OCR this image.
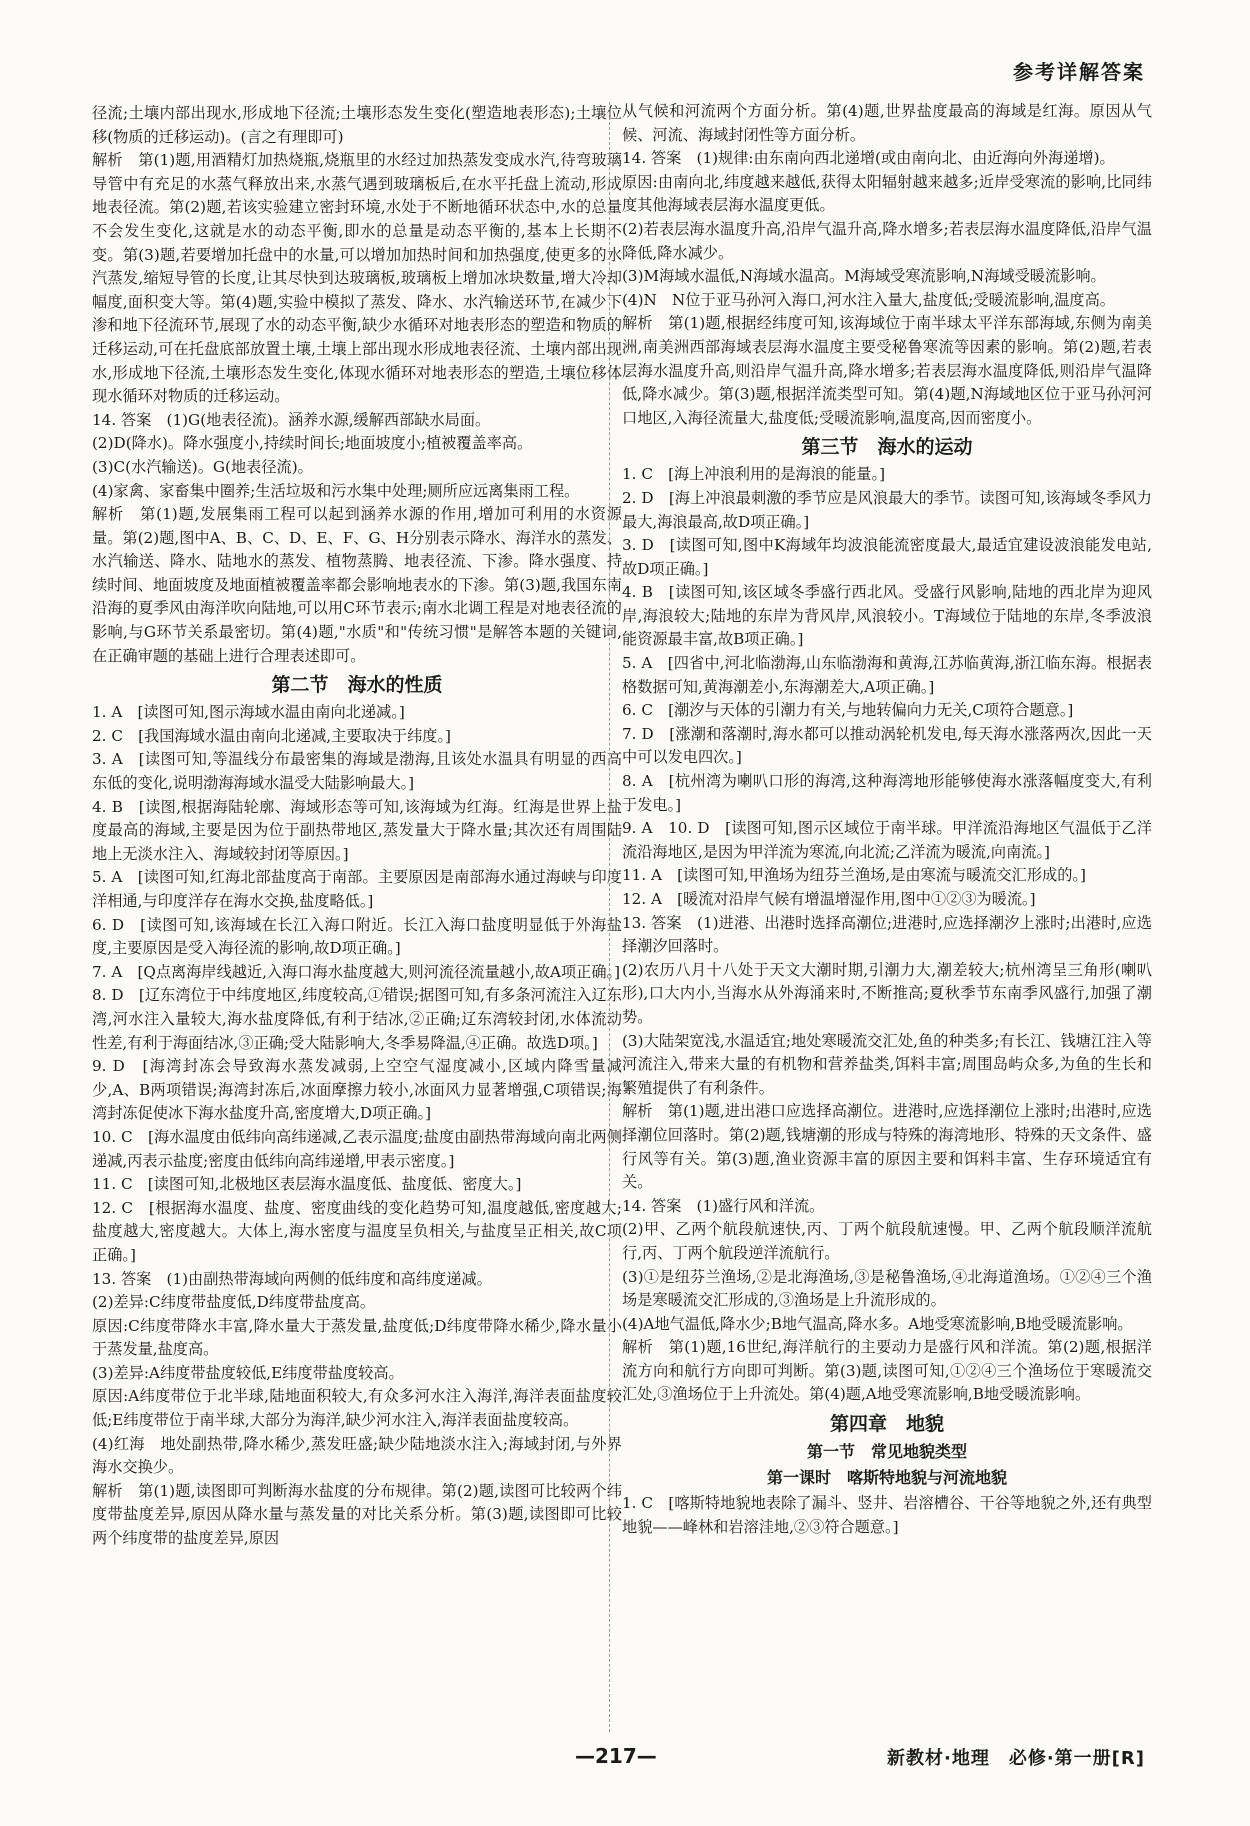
参考详解答案
径流;土壤内部出现水,形成地下径流;土壤形态发生变化(塑造地表形态);土壤位移(物质的迁移运动)。(言之有理即可)
解析　第(1)题,用酒精灯加热烧瓶,烧瓶里的水经过加热蒸发变成水汽,待弯玻璃导管中有充足的水蒸气释放出来,水蒸气遇到玻璃板后,在水平托盘上流动,形成地表径流。第(2)题,若该实验建立密封环境,水处于不断地循环状态中,水的总量不会发生变化,这就是水的动态平衡,即水的总量是动态平衡的,基本上长期不变。第(3)题,若要增加托盘中的水量,可以增加加热时间和加热强度,使更多的水汽蒸发,缩短导管的长度,让其尽快到达玻璃板,玻璃板上增加冰块数量,增大冷却幅度,面积变大等。第(4)题,实验中模拟了蒸发、降水、水汽输送环节,在减少下渗和地下径流环节,展现了水的动态平衡,缺少水循环对地表形态的塑造和物质的迁移运动,可在托盘底部放置土壤,土壤上部出现水形成地表径流、土壤内部出现水,形成地下径流,土壤形态发生变化,体现水循环对地表形态的塑造,土壤位移体现水循环对物质的迁移运动。
14. 答案　(1)G(地表径流)。涵养水源,缓解西部缺水局面。
(2)D(降水)。降水强度小,持续时间长;地面坡度小;植被覆盖率高。
(3)C(水汽输送)。G(地表径流)。
(4)家禽、家畜集中圈养;生活垃圾和污水集中处理;厕所应远离集雨工程。
解析　第(1)题,发展集雨工程可以起到涵养水源的作用,增加可利用的水资源量。第(2)题,图中A、B、C、D、E、F、G、H分别表示降水、海洋水的蒸发、水汽输送、降水、陆地水的蒸发、植物蒸腾、地表径流、下渗。降水强度、持续时间、地面坡度及地面植被覆盖率都会影响地表水的下渗。第(3)题,我国东南沿海的夏季风由海洋吹向陆地,可以用C环节表示;南水北调工程是对地表径流的影响,与G环节关系最密切。第(4)题,"水质"和"传统习惯"是解答本题的关键词,在正确审题的基础上进行合理表述即可。
第二节　海水的性质
1. A　[读图可知,图示海域水温由南向北递减。]
2. C　[我国海域水温由南向北递减,主要取决于纬度。]
3. A　[读图可知,等温线分布最密集的海域是渤海,且该处水温具有明显的西高东低的变化,说明渤海海域水温受大陆影响最大。]
4. B　[读图,根据海陆轮廓、海域形态等可知,该海域为红海。红海是世界上盐度最高的海域,主要是因为位于副热带地区,蒸发量大于降水量;其次还有周围陆地上无淡水注入、海域较封闭等原因。]
5. A　[读图可知,红海北部盐度高于南部。主要原因是南部海水通过海峡与印度洋相通,与印度洋存在海水交换,盐度略低。]
6. D　[读图可知,该海域在长江入海口附近。长江入海口盐度明显低于外海盐度,主要原因是受入海径流的影响,故D项正确。]
7. A　[Q点离海岸线越近,入海口海水盐度越大,则河流径流量越小,故A项正确。]
8. D　[辽东湾位于中纬度地区,纬度较高,①错误;据图可知,有多条河流注入辽东湾,河水注入量较大,海水盐度降低,有利于结冰,②正确;辽东湾较封闭,水体流动性差,有利于海面结冰,③正确;受大陆影响大,冬季易降温,④正确。故选D项。]
9. D　[海湾封冻会导致海水蒸发减弱,上空空气湿度减小,区域内降雪量减少,A、B两项错误;海湾封冻后,冰面摩擦力较小,冰面风力显著增强,C项错误;海湾封冻促使冰下海水盐度升高,密度增大,D项正确。]
10. C　[海水温度由低纬向高纬递减,乙表示温度;盐度由副热带海域向南北两侧递减,丙表示盐度;密度由低纬向高纬递增,甲表示密度。]
11. C　[读图可知,北极地区表层海水温度低、盐度低、密度大。]
12. C　[根据海水温度、盐度、密度曲线的变化趋势可知,温度越低,密度越大;盐度越大,密度越大。大体上,海水密度与温度呈负相关,与盐度呈正相关,故C项正确。]
13. 答案　(1)由副热带海域向两侧的低纬度和高纬度递减。
(2)差异:C纬度带盐度低,D纬度带盐度高。
原因:C纬度带降水丰富,降水量大于蒸发量,盐度低;D纬度带降水稀少,降水量小于蒸发量,盐度高。
(3)差异:A纬度带盐度较低,E纬度带盐度较高。
原因:A纬度带位于北半球,陆地面积较大,有众多河水注入海洋,海洋表面盐度较低;E纬度带位于南半球,大部分为海洋,缺少河水注入,海洋表面盐度较高。
(4)红海　地处副热带,降水稀少,蒸发旺盛;缺少陆地淡水注入;海域封闭,与外界海水交换少。
解析　第(1)题,读图即可判断海水盐度的分布规律。第(2)题,读图可比较两个纬度带盐度差异,原因从降水量与蒸发量的对比关系分析。第(3)题,读图即可比较两个纬度带的盐度差异,原因
从气候和河流两个方面分析。第(4)题,世界盐度最高的海域是红海。原因从气候、河流、海域封闭性等方面分析。
14. 答案　(1)规律:由东南向西北递增(或由南向北、由近海向外海递增)。
原因:由南向北,纬度越来越低,获得太阳辐射越来越多;近岸受寒流的影响,比同纬度其他海域表层海水温度更低。
(2)若表层海水温度升高,沿岸气温升高,降水增多;若表层海水温度降低,沿岸气温降低,降水减少。
(3)M海域水温低,N海域水温高。M海域受寒流影响,N海域受暖流影响。
(4)N　N位于亚马孙河入海口,河水注入量大,盐度低;受暖流影响,温度高。
解析　第(1)题,根据经纬度可知,该海域位于南半球太平洋东部海域,东侧为南美洲,南美洲西部海域表层海水温度主要受秘鲁寒流等因素的影响。第(2)题,若表层海水温度升高,则沿岸气温升高,降水增多;若表层海水温度降低,则沿岸气温降低,降水减少。第(3)题,根据洋流类型可知。第(4)题,N海域地区位于亚马孙河河口地区,入海径流量大,盐度低;受暖流影响,温度高,因而密度小。
第三节　海水的运动
1. C　[海上冲浪利用的是海浪的能量。]
2. D　[海上冲浪最刺激的季节应是风浪最大的季节。读图可知,该海域冬季风力最大,海浪最高,故D项正确。]
3. D　[读图可知,图中K海域年均波浪能流密度最大,最适宜建设波浪能发电站,故D项正确。]
4. B　[读图可知,该区域冬季盛行西北风。受盛行风影响,陆地的西北岸为迎风岸,海浪较大;陆地的东岸为背风岸,风浪较小。T海域位于陆地的东岸,冬季波浪能资源最丰富,故B项正确。]
5. A　[四省中,河北临渤海,山东临渤海和黄海,江苏临黄海,浙江临东海。根据表格数据可知,黄海潮差小,东海潮差大,A项正确。]
6. C　[潮汐与天体的引潮力有关,与地转偏向力无关,C项符合题意。]
7. D　[涨潮和落潮时,海水都可以推动涡轮机发电,每天海水涨落两次,因此一天中可以发电四次。]
8. A　[杭州湾为喇叭口形的海湾,这种海湾地形能够使海水涨落幅度变大,有利于发电。]
9. A　10. D　[读图可知,图示区域位于南半球。甲洋流沿海地区气温低于乙洋流沿海地区,是因为甲洋流为寒流,向北流;乙洋流为暖流,向南流。]
11. A　[读图可知,甲渔场为纽芬兰渔场,是由寒流与暖流交汇形成的。]
12. A　[暖流对沿岸气候有增温增湿作用,图中①②③为暖流。]
13. 答案　(1)进港、出港时选择高潮位;进港时,应选择潮汐上涨时;出港时,应选择潮汐回落时。
(2)农历八月十八处于天文大潮时期,引潮力大,潮差较大;杭州湾呈三角形(喇叭形),口大内小,当海水从外海涌来时,不断推高;夏秋季节东南季风盛行,加强了潮势。
(3)大陆架宽浅,水温适宜;地处寒暖流交汇处,鱼的种类多;有长江、钱塘江注入等河流注入,带来大量的有机物和营养盐类,饵料丰富;周围岛屿众多,为鱼的生长和繁殖提供了有利条件。
解析　第(1)题,进出港口应选择高潮位。进港时,应选择潮位上涨时;出港时,应选择潮位回落时。第(2)题,钱塘潮的形成与特殊的海湾地形、特殊的天文条件、盛行风等有关。第(3)题,渔业资源丰富的原因主要和饵料丰富、生存环境适宜有关。
14. 答案　(1)盛行风和洋流。
(2)甲、乙两个航段航速快,丙、丁两个航段航速慢。甲、乙两个航段顺洋流航行,丙、丁两个航段逆洋流航行。
(3)①是纽芬兰渔场,②是北海渔场,③是秘鲁渔场,④北海道渔场。①②④三个渔场是寒暖流交汇形成的,③渔场是上升流形成的。
(4)A地气温低,降水少;B地气温高,降水多。A地受寒流影响,B地受暖流影响。
解析　第(1)题,16世纪,海洋航行的主要动力是盛行风和洋流。第(2)题,根据洋流方向和航行方向即可判断。第(3)题,读图可知,①②④三个渔场位于寒暖流交汇处,③渔场位于上升流处。第(4)题,A地受寒流影响,B地受暖流影响。
第四章　地貌
第一节　常见地貌类型
第一课时　喀斯特地貌与河流地貌
1. C　[喀斯特地貌地表除了漏斗、竖井、岩溶槽谷、干谷等地貌之外,还有典型地貌——峰林和岩溶洼地,②③符合题意。]
—217—	新教材·地理　必修·第一册[R]
